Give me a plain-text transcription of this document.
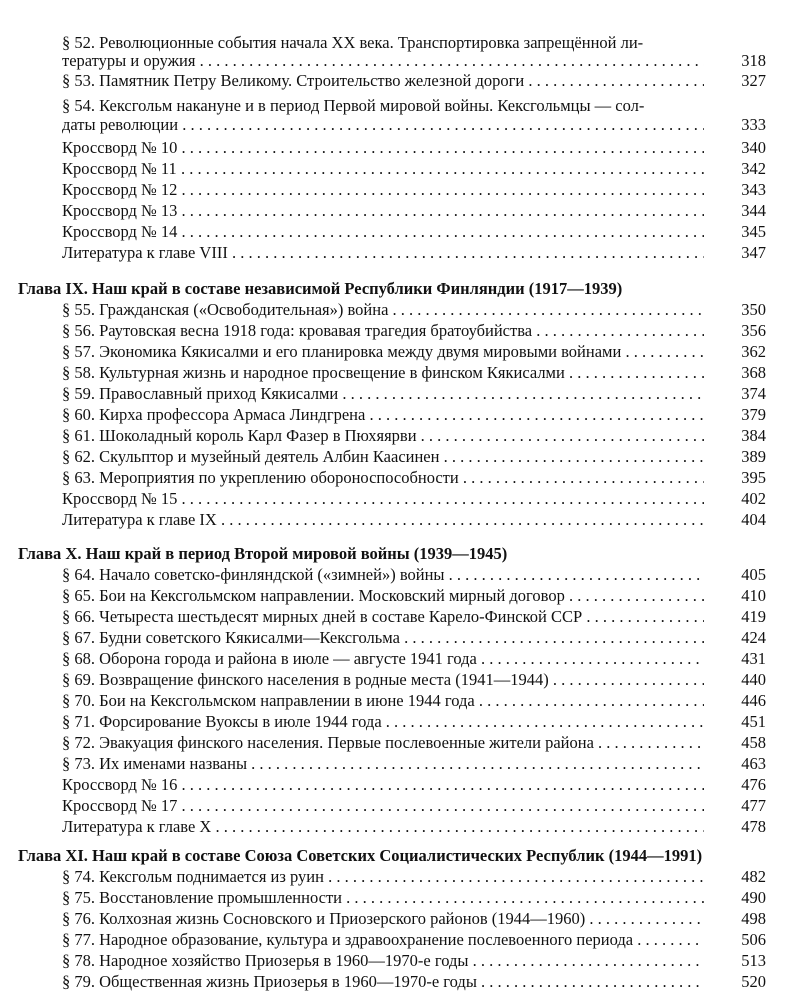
§ 52. Революционные события начала XX века. Транспортировка запрещённой ли-
тературы и оружия . . .	318
§ 53. Памятник Петру Великому. Строительство железной дороги . . .	327
§ 54. Кексгольм накануне и в период Первой мировой войны. Кексгольмцы — сол-
даты революции . . .	333
Кроссворд № 10 . . .	340
Кроссворд № 11 . . .	342
Кроссворд № 12 . . .	343
Кроссворд № 13 . . .	344
Кроссворд № 14 . . .	345
Литература к главе VIII . . .	347
Глава IX. Наш край в составе независимой Республики Финляндии (1917—1939)
§ 55. Гражданская («Освободительная») война . . .	350
§ 56. Раутовская весна 1918 года: кровавая трагедия братоубийства . . .	356
§ 57. Экономика Кякисалми и его планировка между двумя мировыми войнами . . .	362
§ 58. Культурная жизнь и народное просвещение в финском Кякисалми . . .	368
§ 59. Православный приход Кякисалми . . .	374
§ 60. Кирха профессора Армаса Линдгрена . . .	379
§ 61. Шоколадный король Карл Фазер в Пюхяярви . . .	384
§ 62. Скульптор и музейный деятель Албин Каасинен . . .	389
§ 63. Мероприятия по укреплению обороноспособности . . .	395
Кроссворд № 15 . . .	402
Литература к главе IX . . .	404
Глава X. Наш край в период Второй мировой войны (1939—1945)
§ 64. Начало советско-финляндской («зимней») войны . . .	405
§ 65. Бои на Кексгольмском направлении. Московский мирный договор . . .	410
§ 66. Четыреста шестьдесят мирных дней в составе Карело-Финской ССР . . .	419
§ 67. Будни советского Кякисалми—Кексгольма . . .	424
§ 68. Оборона города и района в июле — августе 1941 года . . .	431
§ 69. Возвращение финского населения в родные места (1941—1944) . . .	440
§ 70. Бои на Кексгольмском направлении в июне 1944 года . . .	446
§ 71. Форсирование Вуоксы в июле 1944 года . . .	451
§ 72. Эвакуация финского населения. Первые послевоенные жители района . . .	458
§ 73. Их именами названы . . .	463
Кроссворд № 16 . . .	476
Кроссворд № 17 . . .	477
Литература к главе X . . .	478
Глава XI. Наш край в составе Союза Советских Социалистических Республик (1944—1991)
§ 74. Кексгольм поднимается из руин . . .	482
§ 75. Восстановление промышленности . . .	490
§ 76. Колхозная жизнь Сосновского и Приозерского районов (1944—1960) . . .	498
§ 77. Народное образование, культура и здравоохранение послевоенного периода . . .	506
§ 78. Народное хозяйство Приозерья в 1960—1970-е годы . . .	513
§ 79. Общественная жизнь Приозерья в 1960—1970-е годы . . .	520
